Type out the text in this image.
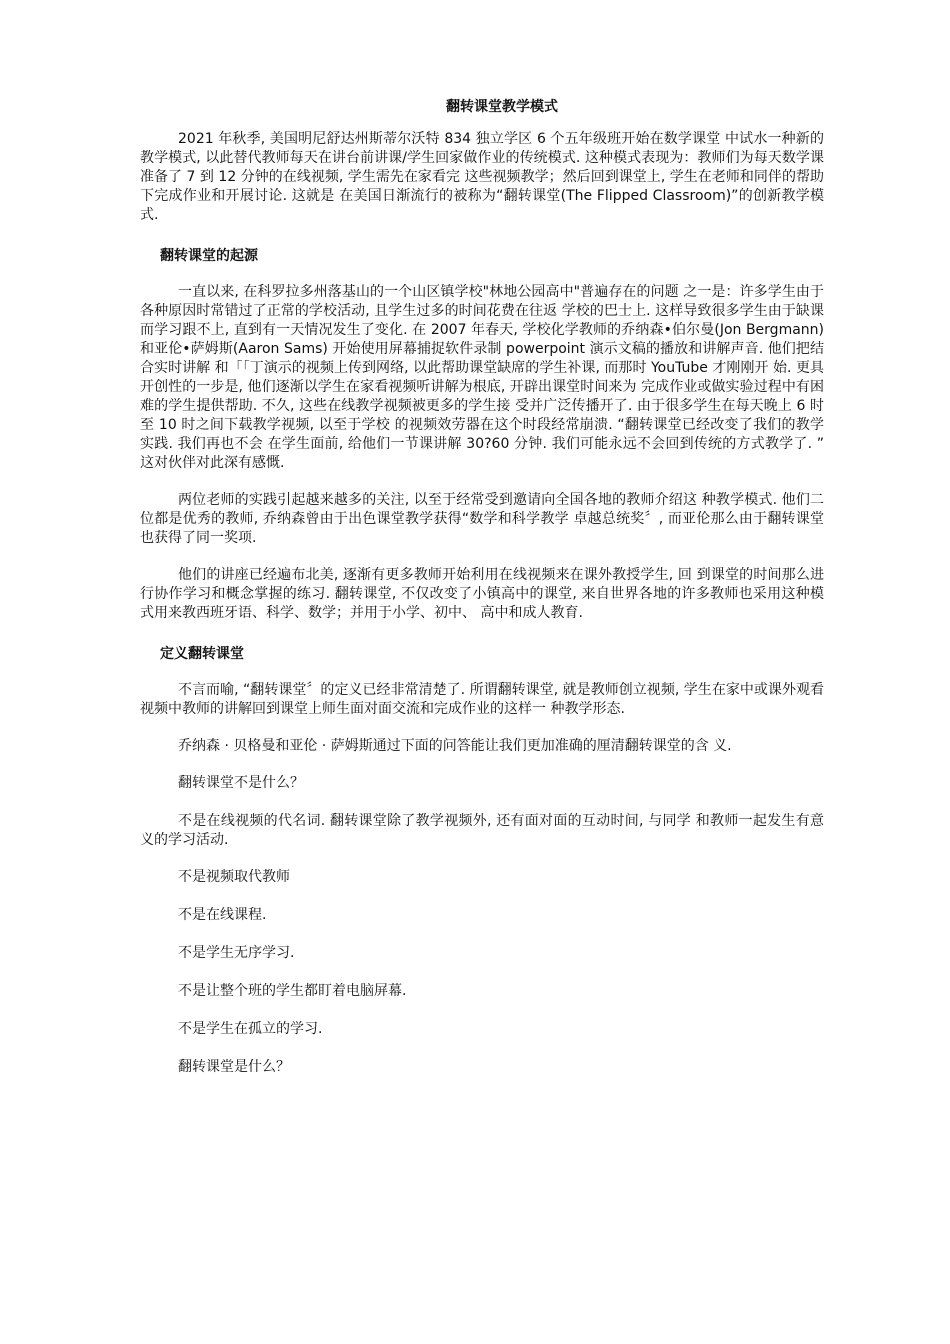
翻转课堂教学模式

2021 年秋季, 美国明尼舒达州斯蒂尔沃特 834 独立学区 6 个五年级班开始在数学课堂 中试水一种新的教学模式, 以此替代教师每天在讲台前讲课/学生回家做作业的传统模式. 这种模式表现为：教师们为每天数学课准备了 7 到 12 分钟的在线视频, 学生需先在家看完 这些视频教学；然后回到课堂上, 学生在老师和同伴的帮助下完成作业和开展讨论. 这就是 在美国日渐流行的被称为“翻转课堂(The Flipped Classroom)”的创新教学模式.

翻转课堂的起源

一直以来, 在科罗拉多州落基山的一个山区镇学校"林地公园高中"普遍存在的问题 之一是：许多学生由于各种原因时常错过了正常的学校活动, 且学生过多的时间花费在往返 学校的巴士上. 这样导致很多学生由于缺课而学习跟不上, 直到有一天情况发生了变化. 在 2007 年春天, 学校化学教师的乔纳森•伯尔曼(Jon Bergmann)和亚伦•萨姆斯(Aaron Sams) 开始使用屏幕捕捉软件录制 powerpoint 演示文稿的播放和讲解声音. 他们把结合实时讲解 和「「丁演示的视频上传到网络, 以此帮助课堂缺席的学生补课, 而那时 YouTube 才刚刚开 始. 更具开创性的一步是, 他们逐渐以学生在家看视频听讲解为根底, 开辟出课堂时间来为 完成作业或做实验过程中有困难的学生提供帮助. 不久, 这些在线教学视频被更多的学生接 受并广泛传播开了. 由于很多学生在每天晚上 6 时至 10 时之间下载教学视频, 以至于学校 的视频效劳器在这个时段经常崩溃. “翻转课堂已经改变了我们的教学实践. 我们再也不会 在学生面前, 给他们一节课讲解 30?60 分钟. 我们可能永远不会回到传统的方式教学了. ” 这对伙伴对此深有感慨.

两位老师的实践引起越来越多的关注, 以至于经常受到邀请向全国各地的教师介绍这 种教学模式. 他们二位都是优秀的教师, 乔纳森曾由于出色课堂教学获得“数学和科学教学 卓越总统奖〞, 而亚伦那么由于翻转课堂也获得了同一奖项.

他们的讲座已经遍布北美, 逐渐有更多教师开始利用在线视频来在课外教授学生, 回 到课堂的时间那么进行协作学习和概念掌握的练习. 翻转课堂, 不仅改变了小镇高中的课堂, 来自世界各地的许多教师也采用这种模式用来教西班牙语、科学、数学；并用于小学、初中、 高中和成人教育.

定义翻转课堂

不言而喻, “翻转课堂〞的定义已经非常清楚了. 所谓翻转课堂, 就是教师创立视频, 学生在家中或课外观看视频中教师的讲解回到课堂上师生面对面交流和完成作业的这样一 种教学形态.

乔纳森 · 贝格曼和亚伦 · 萨姆斯通过下面的问答能让我们更加准确的厘清翻转课堂的含 义.

翻转课堂不是什么？

不是在线视频的代名词. 翻转课堂除了教学视频外, 还有面对面的互动时间, 与同学 和教师一起发生有意义的学习活动.

不是视频取代教师

不是在线课程.

不是学生无序学习.

不是让整个班的学生都盯着电脑屏幕.

不是学生在孤立的学习.

翻转课堂是什么？
